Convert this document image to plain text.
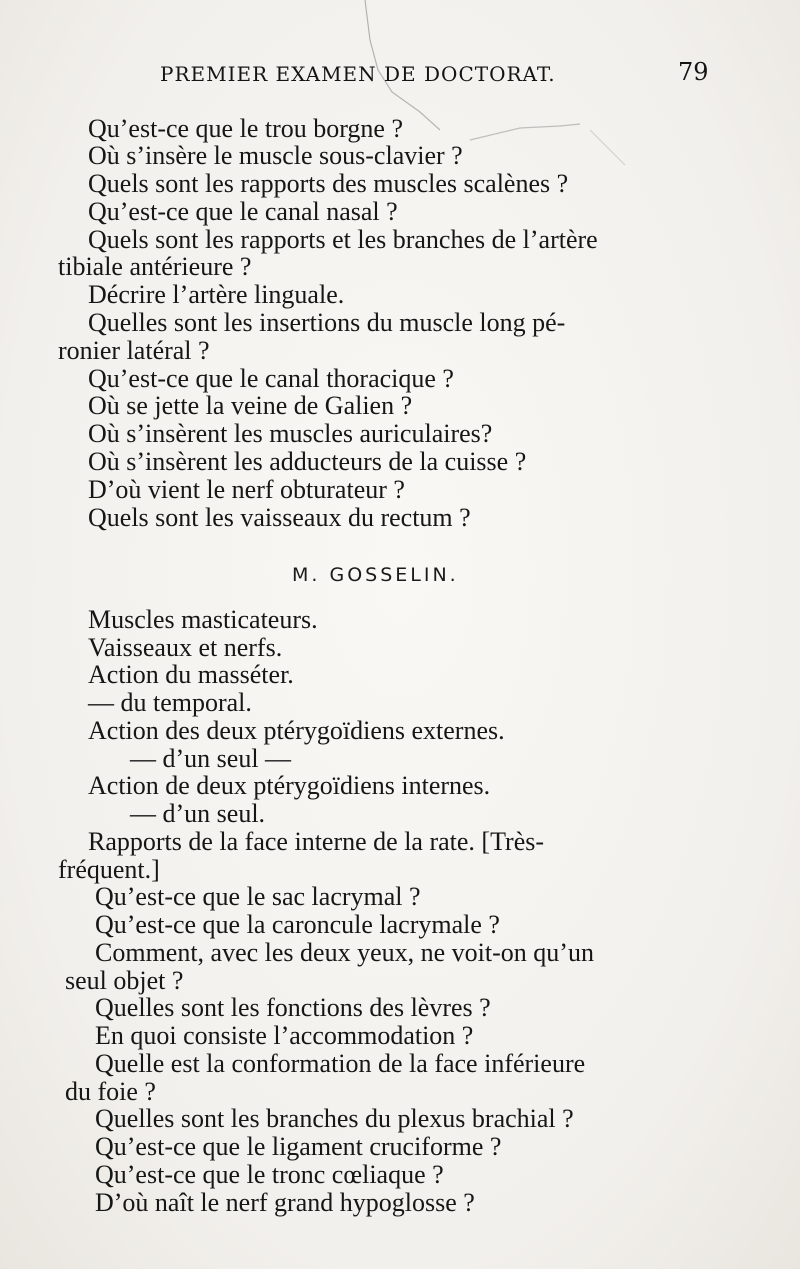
PREMIER EXAMEN DE DOCTORAT.	79
Qu’est-ce que le trou borgne ?
Où s’insère le muscle sous-clavier ?
Quels sont les rapports des muscles scalènes ?
Qu’est-ce que le canal nasal ?
Quels sont les rapports et les branches de l’artère
tibiale antérieure ?
Décrire l’artère linguale.
Quelles sont les insertions du muscle long pé-
ronier latéral ?
Qu’est-ce que le canal thoracique ?
Où se jette la veine de Galien ?
Où s’insèrent les muscles auriculaires?
Où s’insèrent les adducteurs de la cuisse ?
D’où vient le nerf obturateur ?
Quels sont les vaisseaux du rectum ?
M. GOSSELIN.
Muscles masticateurs.
Vaisseaux et nerfs.
Action du masséter.
— du temporal.
Action des deux ptérygoïdiens externes.
— d’un seul —
Action de deux ptérygoïdiens internes.
— d’un seul.
Rapports de la face interne de la rate. [Très-
fréquent.]
Qu’est-ce que le sac lacrymal ?
Qu’est-ce que la caroncule lacrymale ?
Comment, avec les deux yeux, ne voit-on qu’un
seul objet ?
Quelles sont les fonctions des lèvres ?
En quoi consiste l’accommodation ?
Quelle est la conformation de la face inférieure
du foie ?
Quelles sont les branches du plexus brachial ?
Qu’est-ce que le ligament cruciforme ?
Qu’est-ce que le tronc cœliaque ?
D’où naît le nerf grand hypoglosse ?
